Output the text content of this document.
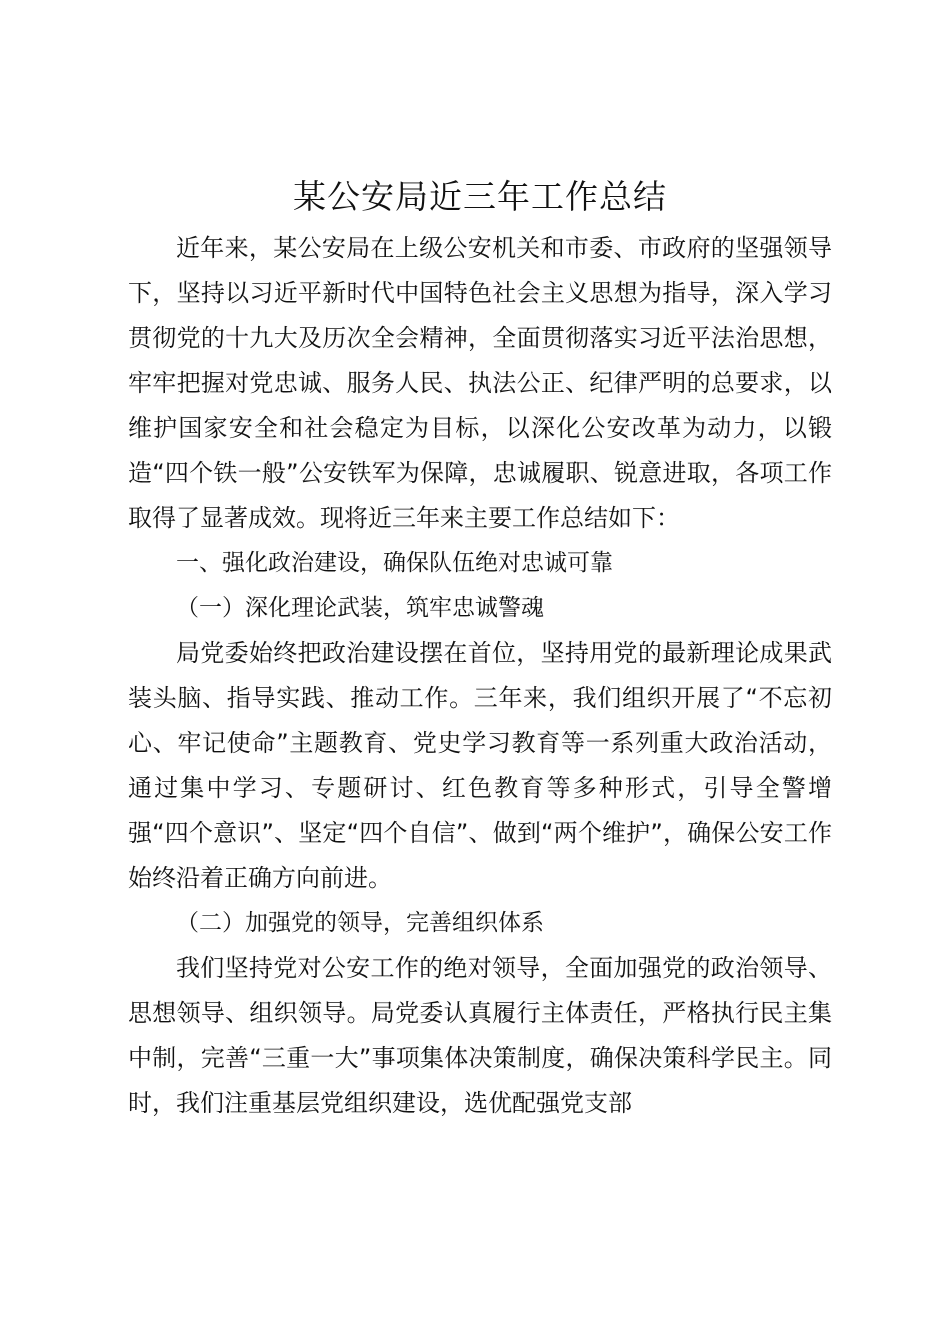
某公安局近三年工作总结

近年来，某公安局在上级公安机关和市委、市政府的坚强领导下，坚持以习近平新时代中国特色社会主义思想为指导，深入学习贯彻党的十九大及历次全会精神，全面贯彻落实习近平法治思想，牢牢把握对党忠诚、服务人民、执法公正、纪律严明的总要求，以维护国家安全和社会稳定为目标，以深化公安改革为动力，以锻造“四个铁一般”公安铁军为保障，忠诚履职、锐意进取，各项工作取得了显著成效。现将近三年来主要工作总结如下：

一、强化政治建设，确保队伍绝对忠诚可靠

（一）深化理论武装，筑牢忠诚警魂

局党委始终把政治建设摆在首位，坚持用党的最新理论成果武装头脑、指导实践、推动工作。三年来，我们组织开展了“不忘初心、牢记使命”主题教育、党史学习教育等一系列重大政治活动，通过集中学习、专题研讨、红色教育等多种形式，引导全警增强“四个意识”、坚定“四个自信”、做到“两个维护”，确保公安工作始终沿着正确方向前进。

（二）加强党的领导，完善组织体系

我们坚持党对公安工作的绝对领导，全面加强党的政治领导、思想领导、组织领导。局党委认真履行主体责任，严格执行民主集中制，完善“三重一大”事项集体决策制度，确保决策科学民主。同时，我们注重基层党组织建设，选优配强党支部
